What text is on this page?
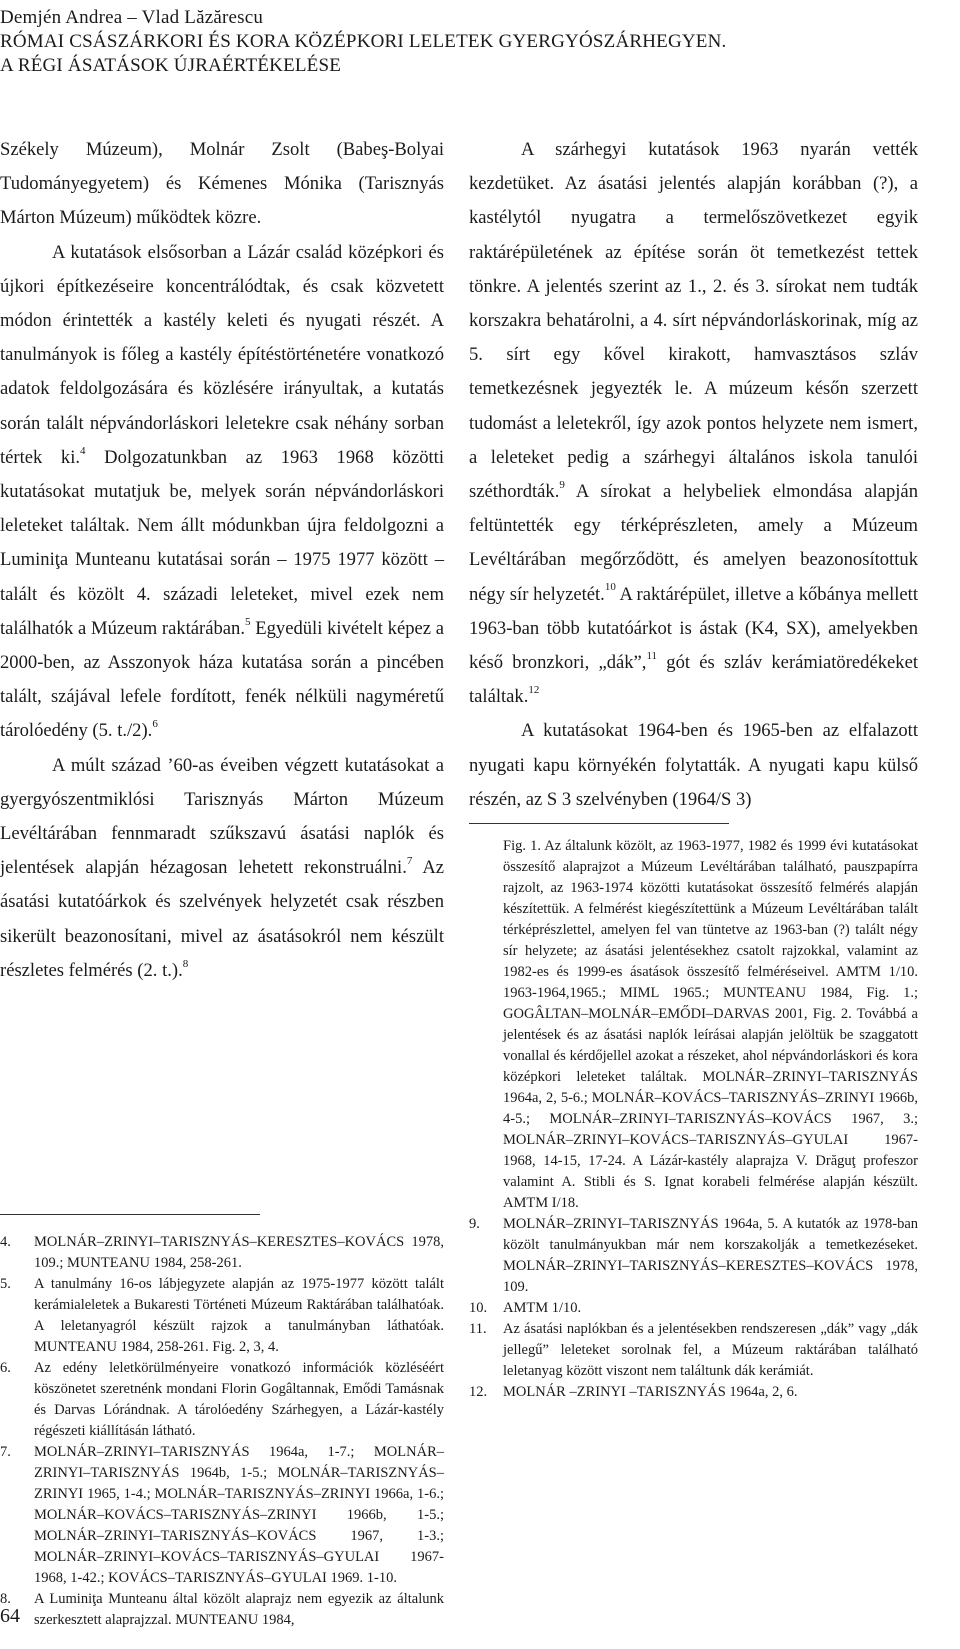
Demjén Andrea – Vlad Lăzărescu
RÓMAI CSÁSZÁRKORI ÉS KORA KÖZÉPKORI LELETEK GYERGYÓSZÁRHEGYEN.
A RÉGI ÁSATÁSOK ÚJRAÉRTÉKELÉSE

Székely Múzeum), Molnár Zsolt (Babeş-Bolyai Tudományegyetem) és Kémenes Mónika (Tarisznyás Márton Múzeum) működtek közre.

A kutatások elsősorban a Lázár család középkori és újkori építkezéseire koncentrálódtak, és csak közvetett módon érintették a kastély keleti és nyugati részét. A tanulmányok is főleg a kastély építéstörténetére vonatkozó adatok feldolgozására és közlésére irányultak, a kutatás során talált népvándorláskori leletekre csak néhány sorban tértek ki.$^4$ Dolgozatunkban az 1963 1968 közötti kutatásokat mutatjuk be, melyek során népvándorláskori leleteket találtak. Nem állt módunkban újra feldolgozni a Luminiţa Munteanu kutatásai során – 1975 1977 között – talált és közölt 4. századi leleteket, mivel ezek nem találhatók a Múzeum raktárában.$^5$ Egyedüli kivételt képez a 2000-ben, az Asszonyok háza kutatása során a pincében talált, szájával lefele fordított, fenék nélküli nagyméretű tárolóedény (5. t./2).$^6$

A múlt század ’60-as éveiben végzett kutatásokat a gyergyószentmiklósi Tarisznyás Márton Múzeum Levéltárában fennmaradt szűkszavú ásatási naplók és jelentések alapján hézagosan lehetett rekonstruálni.$^7$ Az ásatási kutatóárkok és szelvények helyzetét csak részben sikerült beazonosítani, mivel az ásatásokról nem készült részletes felmérés (2. t.).$^8$

A szárhegyi kutatások 1963 nyarán vették kezdetüket. Az ásatási jelentés alapján korábban (?), a kastélytól nyugatra a termelőszövetkezet egyik raktárépületének az építése során öt temetkezést tettek tönkre. A jelentés szerint az 1., 2. és 3. sírokat nem tudták korszakra behatárolni, a 4. sírt népvándorláskorinak, míg az 5. sírt egy kővel kirakott, hamvasztásos szláv temetkezésnek jegyezték le. A múzeum későn szerzett tudomást a leletekről, így azok pontos helyzete nem ismert, a leleteket pedig a szárhegyi általános iskola tanulói széthordták.$^9$ A sírokat a helybeliek elmondása alapján feltüntették egy térképrészleten, amely a Múzeum Levéltárában megőrződött, és amelyen beazonosítottuk négy sír helyzetét.$^{10}$ A raktárépület, illetve a kőbánya mellett 1963-ban több kutatóárkot is ástak (K4, SX), amelyekben késő bronzkori, „dák”,$^{11}$ gót és szláv kerámiatöredékeket találtak.$^{12}$

A kutatásokat 1964-ben és 1965-ben az elfalazott nyugati kapu környékén folytatták. A nyugati kapu külső részén, az S 3 szelvényben (1964/S 3)

4.	MOLNÁR–ZRINYI–TARISZNYÁS–KERESZTES–KOVÁCS 1978, 109.; MUNTEANU 1984, 258-261.
5.	A tanulmány 16-os lábjegyzete alapján az 1975-1977 között talált kerámialeletek a Bukaresti Történeti Múzeum Raktárában találhatóak. A leletanyagról készült rajzok a tanulmányban láthatóak. MUNTEANU 1984, 258-261. Fig. 2, 3, 4.
6.	Az edény leletkörülményeire vonatkozó információk közléséért köszönetet szeretnénk mondani Florin Gogâltannak, Emődi Tamásnak és Darvas Lórándnak. A tárolóedény Szárhegyen, a Lázár-kastély régészeti kiállításán látható.
7.	MOLNÁR–ZRINYI–TARISZNYÁS 1964a, 1-7.; MOLNÁR–ZRINYI–TARISZNYÁS 1964b, 1-5.; MOLNÁR–TARISZNYÁS–ZRINYI 1965, 1-4.; MOLNÁR–TARISZNYÁS–ZRINYI 1966a, 1-6.; MOLNÁR–KOVÁCS–TARISZNYÁS–ZRINYI 1966b, 1-5.; MOLNÁR–ZRINYI–TARISZNYÁS–KOVÁCS 1967, 1-3.; MOLNÁR–ZRINYI–KOVÁCS–TARISZNYÁS–GYULAI 1967-1968, 1-42.; KOVÁCS–TARISZNYÁS–GYULAI 1969. 1-10.
8.	A Luminiţa Munteanu által közölt alaprajz nem egyezik az általunk szerkesztett alaprajzzal. MUNTEANU 1984,
Fig. 1. Az általunk közölt, az 1963-1977, 1982 és 1999 évi kutatásokat összesítő alaprajzot a Múzeum Levéltárában található, pauszpapírra rajzolt, az 1963-1974 közötti kutatásokat összesítő felmérés alapján készítettük. A felmérést kiegészítettünk a Múzeum Levéltárában talált térképrészlettel, amelyen fel van tüntetve az 1963-ban (?) talált négy sír helyzete; az ásatási jelentésekhez csatolt rajzokkal, valamint az 1982-es és 1999-es ásatások összesítő felméréseivel. AMTM 1/10. 1963-1964,1965.; MIML 1965.; MUNTEANU 1984, Fig. 1.; GOGÂLTAN–MOLNÁR–EMŐDI–DARVAS 2001, Fig. 2. Továbbá a jelentések és az ásatási naplók leírásai alapján jelöltük be szaggatott vonallal és kérdőjellel azokat a részeket, ahol népvándorláskori és kora középkori leleteket találtak. MOLNÁR–ZRINYI–TARISZNYÁS 1964a, 2, 5-6.; MOLNÁR–KOVÁCS–TARISZNYÁS–ZRINYI 1966b, 4-5.; MOLNÁR–ZRINYI–TARISZNYÁS–KOVÁCS 1967, 3.; MOLNÁR–ZRINYI–KOVÁCS–TARISZNYÁS–GYULAI 1967-1968, 14-15, 17-24. A Lázár-kastély alaprajza V. Drăguţ profeszor valamint A. Stibli és S. Ignat korabeli felmérése alapján készült. AMTM I/18.
9.	MOLNÁR–ZRINYI–TARISZNYÁS 1964a, 5. A kutatók az 1978-ban közölt tanulmányukban már nem korszakolják a temetkezéseket. MOLNÁR–ZRINYI–TARISZNYÁS–KERESZTES–KOVÁCS 1978, 109.
10.	AMTM 1/10.
11.	Az ásatási naplókban és a jelentésekben rendszeresen „dák” vagy „dák jellegű” leleteket sorolnak fel, a Múzeum raktárában található leletanyag között viszont nem találtunk dák kerámiát.
12.	MOLNÁR –ZRINYI –TARISZNYÁS 1964a, 2, 6.
64
